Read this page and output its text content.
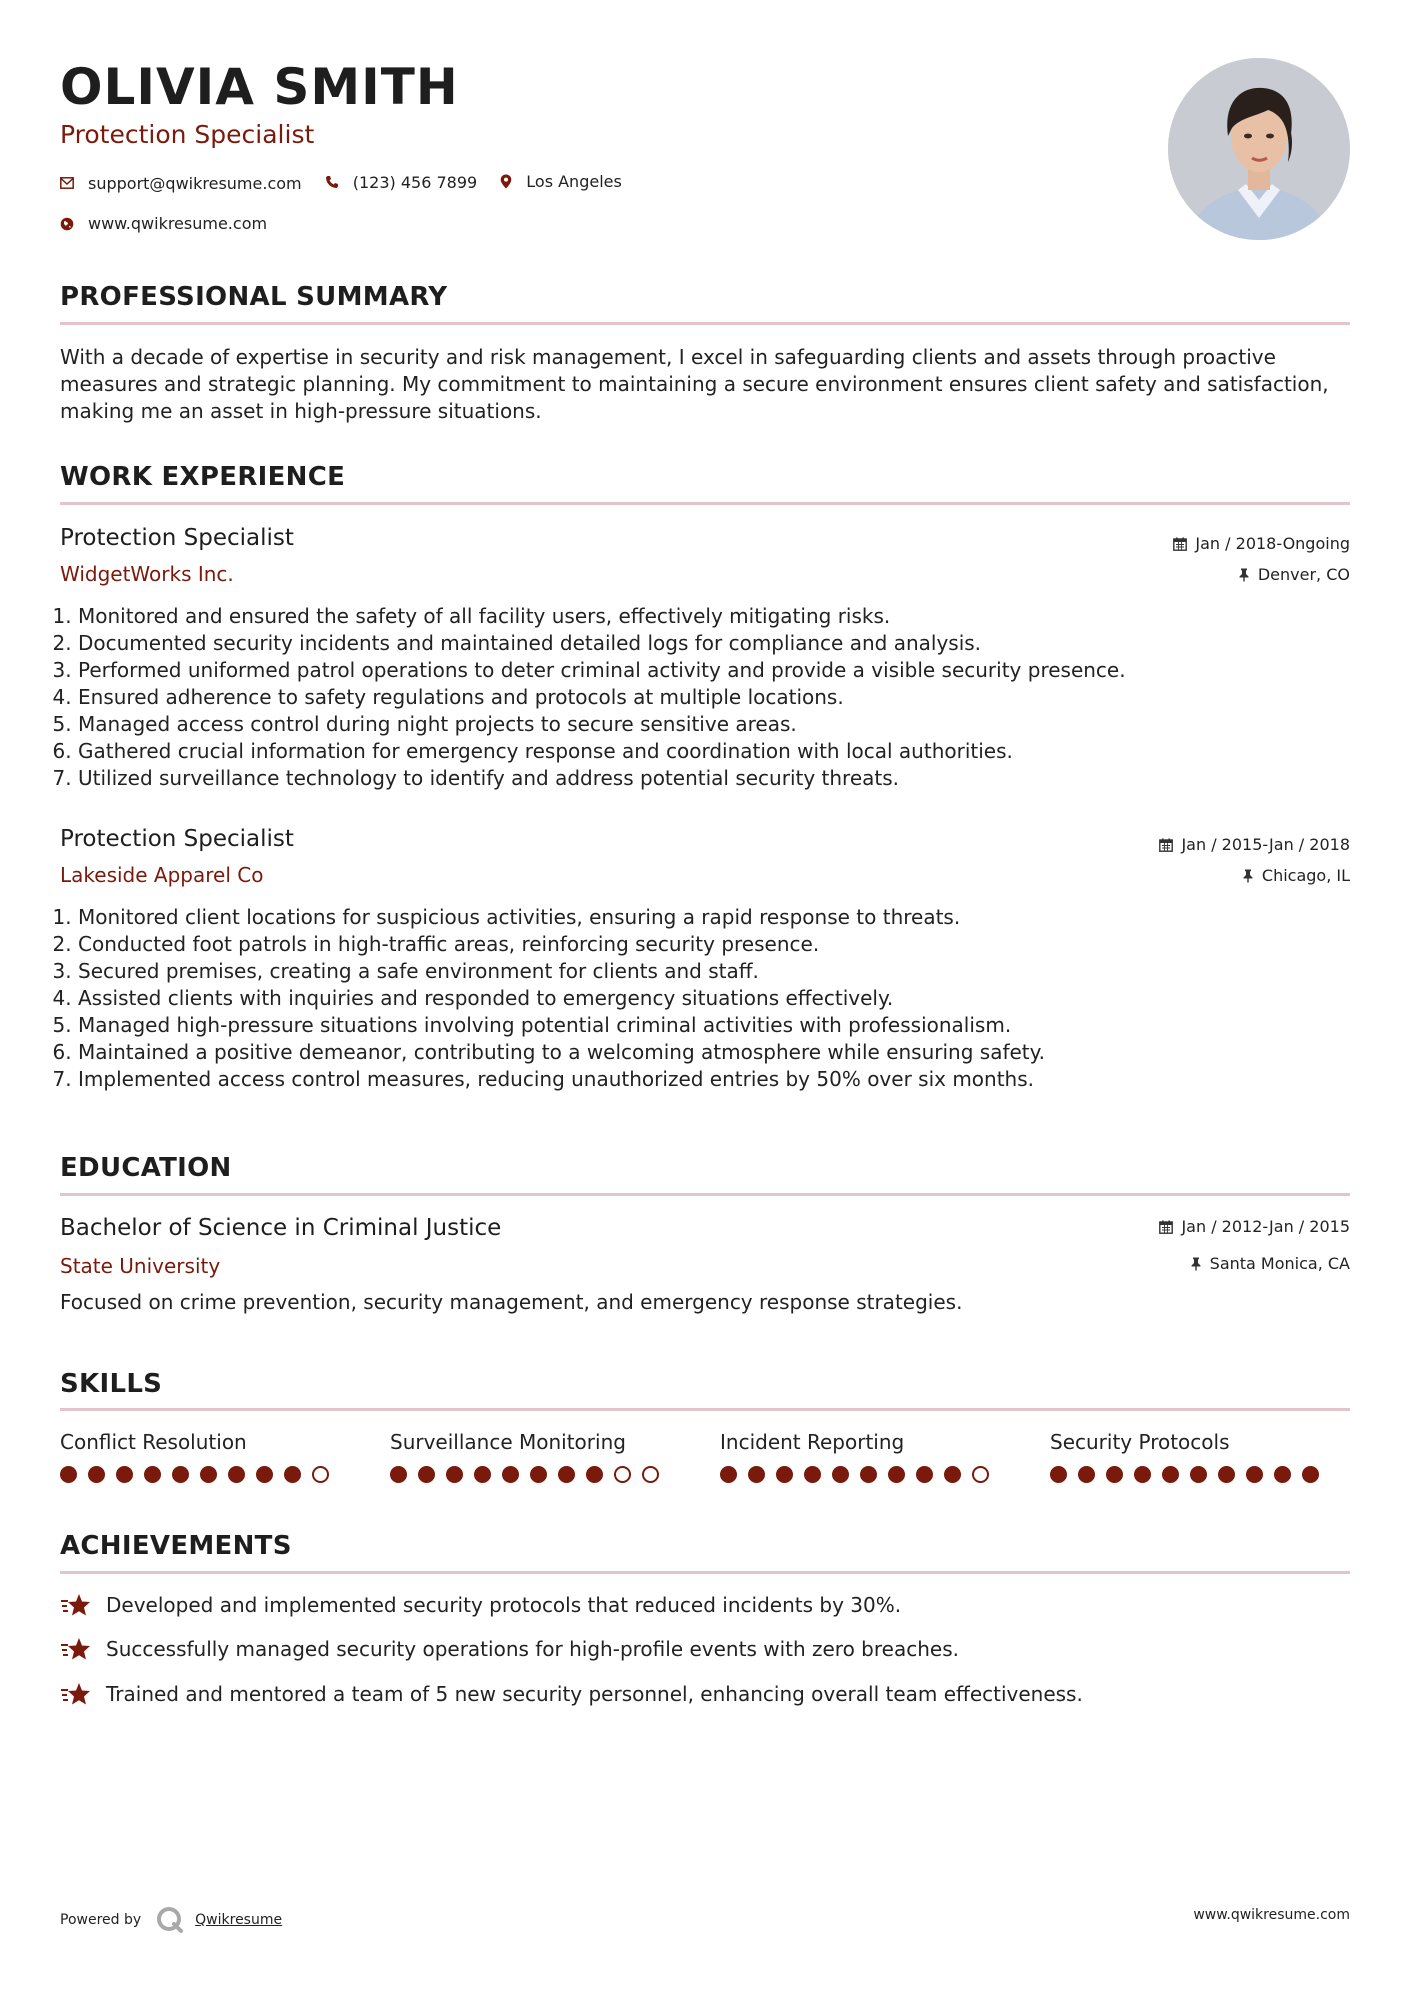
OLIVIA SMITH
Protection Specialist
support@qwikresume.com
	(123) 456 7899
	Los Angeles
www.qwikresume.com
PROFESSIONAL SUMMARY
With a decade of expertise in security and risk management, I excel in safeguarding clients and assets through proactive measures and strategic planning. My commitment to maintaining a secure environment ensures client safety and satisfaction, making me an asset in high-pressure situations.
WORK EXPERIENCE
Protection Specialist
WidgetWorks Inc.
Jan / 2018-Ongoing
Denver, CO
1. Monitored and ensured the safety of all facility users, effectively mitigating risks.
2. Documented security incidents and maintained detailed logs for compliance and analysis.
3. Performed uniformed patrol operations to deter criminal activity and provide a visible security presence.
4. Ensured adherence to safety regulations and protocols at multiple locations.
5. Managed access control during night projects to secure sensitive areas.
6. Gathered crucial information for emergency response and coordination with local authorities.
7. Utilized surveillance technology to identify and address potential security threats.
Protection Specialist
Lakeside Apparel Co
Jan / 2015-Jan / 2018
Chicago, IL
1. Monitored client locations for suspicious activities, ensuring a rapid response to threats.
2. Conducted foot patrols in high-traffic areas, reinforcing security presence.
3. Secured premises, creating a safe environment for clients and staff.
4. Assisted clients with inquiries and responded to emergency situations effectively.
5. Managed high-pressure situations involving potential criminal activities with professionalism.
6. Maintained a positive demeanor, contributing to a welcoming atmosphere while ensuring safety.
7. Implemented access control measures, reducing unauthorized entries by 50% over six months.
EDUCATION
Bachelor of Science in Criminal Justice
State University
Jan / 2012-Jan / 2015
Santa Monica, CA
Focused on crime prevention, security management, and emergency response strategies.
SKILLS
Conflict Resolution	Surveillance Monitoring	Incident Reporting	Security Protocols
ACHIEVEMENTS
Developed and implemented security protocols that reduced incidents by 30%.
Successfully managed security operations for high-profile events with zero breaches.
Trained and mentored a team of 5 new security personnel, enhancing overall team effectiveness.
Powered by	Qwikresume	www.qwikresume.com
